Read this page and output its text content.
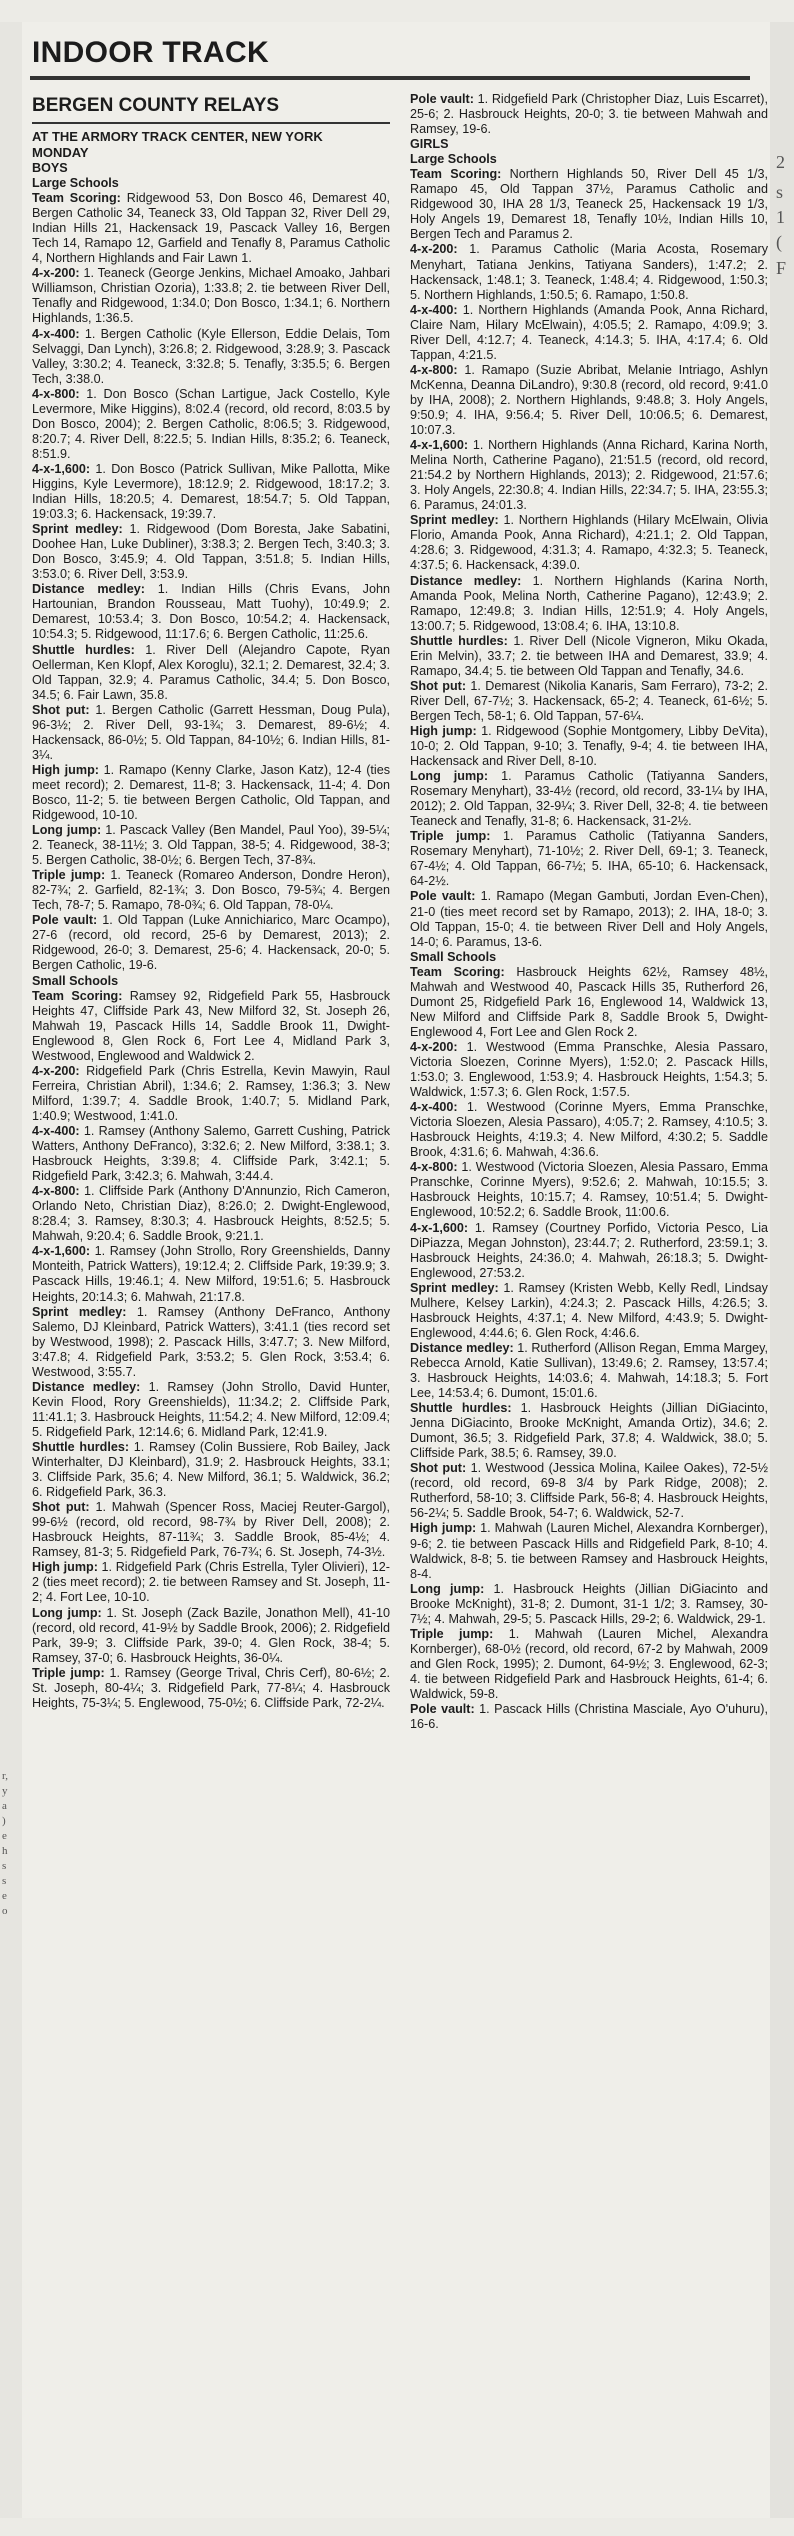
r,
y
a
)
e
h
s
s
e
o
INDOOR TRACK
BERGEN COUNTY RELAYS
AT THE ARMORY TRACK CENTER, NEW YORK
MONDAY

BOYS

Large Schools

Team Scoring: Ridgewood 53, Don Bosco 46, Demarest 40, Bergen Catholic 34, Teaneck 33, Old Tappan 32, River Dell 29, Indian Hills 21, Hackensack 19, Pascack Valley 16, Bergen Tech 14, Ramapo 12, Garfield and Tenafly 8, Paramus Catholic 4, Northern Highlands and Fair Lawn 1.

4-x-200: 1. Teaneck (George Jenkins, Michael Amoako, Jahbari Williamson, Christian Ozoria), 1:33.8; 2. tie between River Dell, Tenafly and Ridgewood, 1:34.0; Don Bosco, 1:34.1; 6. Northern Highlands, 1:36.5.

4-x-400: 1. Bergen Catholic (Kyle Ellerson, Eddie Delais, Tom Selvaggi, Dan Lynch), 3:26.8; 2. Ridgewood, 3:28.9; 3. Pascack Valley, 3:30.2; 4. Teaneck, 3:32.8; 5. Tenafly, 3:35.5; 6. Bergen Tech, 3:38.0.

4-x-800: 1. Don Bosco (Schan Lartigue, Jack Costello, Kyle Levermore, Mike Higgins), 8:02.4 (record, old record, 8:03.5 by Don Bosco, 2004); 2. Bergen Catholic, 8:06.5; 3. Ridgewood, 8:20.7; 4. River Dell, 8:22.5; 5. Indian Hills, 8:35.2; 6. Teaneck, 8:51.9.

4-x-1,600: 1. Don Bosco (Patrick Sullivan, Mike Pallotta, Mike Higgins, Kyle Levermore), 18:12.9; 2. Ridgewood, 18:17.2; 3. Indian Hills, 18:20.5; 4. Demarest, 18:54.7; 5. Old Tappan, 19:03.3; 6. Hackensack, 19:39.7.

Sprint medley: 1. Ridgewood (Dom Boresta, Jake Sabatini, Doohee Han, Luke Dubliner), 3:38.3; 2. Bergen Tech, 3:40.3; 3. Don Bosco, 3:45.9; 4. Old Tappan, 3:51.8; 5. Indian Hills, 3:53.0; 6. River Dell, 3:53.9.

Distance medley: 1. Indian Hills (Chris Evans, John Hartounian, Brandon Rousseau, Matt Tuohy), 10:49.9; 2. Demarest, 10:53.4; 3. Don Bosco, 10:54.2; 4. Hackensack, 10:54.3; 5. Ridgewood, 11:17.6; 6. Bergen Catholic, 11:25.6.

Shuttle hurdles: 1. River Dell (Alejandro Capote, Ryan Oellerman, Ken Klopf, Alex Koroglu), 32.1; 2. Demarest, 32.4; 3. Old Tappan, 32.9; 4. Paramus Catholic, 34.4; 5. Don Bosco, 34.5; 6. Fair Lawn, 35.8.

Shot put: 1. Bergen Catholic (Garrett Hessman, Doug Pula), 96-3½; 2. River Dell, 93-1¾; 3. Demarest, 89-6½; 4. Hackensack, 86-0½; 5. Old Tappan, 84-10½; 6. Indian Hills, 81-3¼.

High jump: 1. Ramapo (Kenny Clarke, Jason Katz), 12-4 (ties meet record); 2. Demarest, 11-8; 3. Hackensack, 11-4; 4. Don Bosco, 11-2; 5. tie between Bergen Catholic, Old Tappan, and Ridgewood, 10-10.

Long jump: 1. Pascack Valley (Ben Mandel, Paul Yoo), 39-5¼; 2. Teaneck, 38-11½; 3. Old Tappan, 38-5; 4. Ridgewood, 38-3; 5. Bergen Catholic, 38-0½; 6. Bergen Tech, 37-8¾.

Triple jump: 1. Teaneck (Romareo Anderson, Dondre Heron), 82-7¾; 2. Garfield, 82-1¾; 3. Don Bosco, 79-5¾; 4. Bergen Tech, 78-7; 5. Ramapo, 78-0¾; 6. Old Tappan, 78-0¼.

Pole vault: 1. Old Tappan (Luke Annichiarico, Marc Ocampo), 27-6 (record, old record, 25-6 by Demarest, 2013); 2. Ridgewood, 26-0; 3. Demarest, 25-6; 4. Hackensack, 20-0; 5. Bergen Catholic, 19-6.

Small Schools

Team Scoring: Ramsey 92, Ridgefield Park 55, Hasbrouck Heights 47, Cliffside Park 43, New Milford 32, St. Joseph 26, Mahwah 19, Pascack Hills 14, Saddle Brook 11, Dwight-Englewood 8, Glen Rock 6, Fort Lee 4, Midland Park 3, Westwood, Englewood and Waldwick 2.

4-x-200: Ridgefield Park (Chris Estrella, Kevin Mawyin, Raul Ferreira, Christian Abril), 1:34.6; 2. Ramsey, 1:36.3; 3. New Milford, 1:39.7; 4. Saddle Brook, 1:40.7; 5. Midland Park, 1:40.9; Westwood, 1:41.0.

4-x-400: 1. Ramsey (Anthony Salemo, Garrett Cushing, Patrick Watters, Anthony DeFranco), 3:32.6; 2. New Milford, 3:38.1; 3. Hasbrouck Heights, 3:39.8; 4. Cliffside Park, 3:42.1; 5. Ridgefield Park, 3:42.3; 6. Mahwah, 3:44.4.

4-x-800: 1. Cliffside Park (Anthony D'Annunzio, Rich Cameron, Orlando Neto, Christian Diaz), 8:26.0; 2. Dwight-Englewood, 8:28.4; 3. Ramsey, 8:30.3; 4. Hasbrouck Heights, 8:52.5; 5. Mahwah, 9:20.4; 6. Saddle Brook, 9:21.1.

4-x-1,600: 1. Ramsey (John Strollo, Rory Greenshields, Danny Monteith, Patrick Watters), 19:12.4; 2. Cliffside Park, 19:39.9; 3. Pascack Hills, 19:46.1; 4. New Milford, 19:51.6; 5. Hasbrouck Heights, 20:14.3; 6. Mahwah, 21:17.8.

Sprint medley: 1. Ramsey (Anthony DeFranco, Anthony Salemo, DJ Kleinbard, Patrick Watters), 3:41.1 (ties record set by Westwood, 1998); 2. Pascack Hills, 3:47.7; 3. New Milford, 3:47.8; 4. Ridgefield Park, 3:53.2; 5. Glen Rock, 3:53.4; 6. Westwood, 3:55.7.

Distance medley: 1. Ramsey (John Strollo, David Hunter, Kevin Flood, Rory Greenshields), 11:34.2; 2. Cliffside Park, 11:41.1; 3. Hasbrouck Heights, 11:54.2; 4. New Milford, 12:09.4; 5. Ridgefield Park, 12:14.6; 6. Midland Park, 12:41.9.

Shuttle hurdles: 1. Ramsey (Colin Bussiere, Rob Bailey, Jack Winterhalter, DJ Kleinbard), 31.9; 2. Hasbrouck Heights, 33.1; 3. Cliffside Park, 35.6; 4. New Milford, 36.1; 5. Waldwick, 36.2; 6. Ridgefield Park, 36.3.

Shot put: 1. Mahwah (Spencer Ross, Maciej Reuter-Gargol), 99-6½ (record, old record, 98-7¾ by River Dell, 2008); 2. Hasbrouck Heights, 87-11¾; 3. Saddle Brook, 85-4½; 4. Ramsey, 81-3; 5. Ridgefield Park, 76-7¾; 6. St. Joseph, 74-3½.

High jump: 1. Ridgefield Park (Chris Estrella, Tyler Olivieri), 12-2 (ties meet record); 2. tie between Ramsey and St. Joseph, 11-2; 4. Fort Lee, 10-10.

Long jump: 1. St. Joseph (Zack Bazile, Jonathon Mell), 41-10 (record, old record, 41-9½ by Saddle Brook, 2006); 2. Ridgefield Park, 39-9; 3. Cliffside Park, 39-0; 4. Glen Rock, 38-4; 5. Ramsey, 37-0; 6. Hasbrouck Heights, 36-0¼.

Triple jump: 1. Ramsey (George Trival, Chris Cerf), 80-6½; 2. St. Joseph, 80-4¼; 3. Ridgefield Park, 77-8¼; 4. Hasbrouck Heights, 75-3¼; 5. Englewood, 75-0½; 6. Cliffside Park, 72-2¼.

Pole vault: 1. Ridgefield Park (Christopher Diaz, Luis Escarret), 25-6; 2. Hasbrouck Heights, 20-0; 3. tie between Mahwah and Ramsey, 19-6.

GIRLS

Large Schools

Team Scoring: Northern Highlands 50, River Dell 45 1/3, Ramapo 45, Old Tappan 37½, Paramus Catholic and Ridgewood 30, IHA 28 1/3, Teaneck 25, Hackensack 19 1/3, Holy Angels 19, Demarest 18, Tenafly 10½, Indian Hills 10, Bergen Tech and Paramus 2.

4-x-200: 1. Paramus Catholic (Maria Acosta, Rosemary Menyhart, Tatiana Jenkins, Tatiyana Sanders), 1:47.2; 2. Hackensack, 1:48.1; 3. Teaneck, 1:48.4; 4. Ridgewood, 1:50.3; 5. Northern Highlands, 1:50.5; 6. Ramapo, 1:50.8.

4-x-400: 1. Northern Highlands (Amanda Pook, Anna Richard, Claire Nam, Hilary McElwain), 4:05.5; 2. Ramapo, 4:09.9; 3. River Dell, 4:12.7; 4. Teaneck, 4:14.3; 5. IHA, 4:17.4; 6. Old Tappan, 4:21.5.

4-x-800: 1. Ramapo (Suzie Abribat, Melanie Intriago, Ashlyn McKenna, Deanna DiLandro), 9:30.8 (record, old record, 9:41.0 by IHA, 2008); 2. Northern Highlands, 9:48.8; 3. Holy Angels, 9:50.9; 4. IHA, 9:56.4; 5. River Dell, 10:06.5; 6. Demarest, 10:07.3.

4-x-1,600: 1. Northern Highlands (Anna Richard, Karina North, Melina North, Catherine Pagano), 21:51.5 (record, old record, 21:54.2 by Northern Highlands, 2013); 2. Ridgewood, 21:57.6; 3. Holy Angels, 22:30.8; 4. Indian Hills, 22:34.7; 5. IHA, 23:55.3; 6. Paramus, 24:01.3.

Sprint medley: 1. Northern Highlands (Hilary McElwain, Olivia Florio, Amanda Pook, Anna Richard), 4:21.1; 2. Old Tappan, 4:28.6; 3. Ridgewood, 4:31.3; 4. Ramapo, 4:32.3; 5. Teaneck, 4:37.5; 6. Hackensack, 4:39.0.

Distance medley: 1. Northern Highlands (Karina North, Amanda Pook, Melina North, Catherine Pagano), 12:43.9; 2. Ramapo, 12:49.8; 3. Indian Hills, 12:51.9; 4. Holy Angels, 13:00.7; 5. Ridgewood, 13:08.4; 6. IHA, 13:10.8.

Shuttle hurdles: 1. River Dell (Nicole Vigneron, Miku Okada, Erin Melvin), 33.7; 2. tie between IHA and Demarest, 33.9; 4. Ramapo, 34.4; 5. tie between Old Tappan and Tenafly, 34.6.

Shot put: 1. Demarest (Nikolia Kanaris, Sam Ferraro), 73-2; 2. River Dell, 67-7½; 3. Hackensack, 65-2; 4. Teaneck, 61-6½; 5. Bergen Tech, 58-1; 6. Old Tappan, 57-6¼.

High jump: 1. Ridgewood (Sophie Montgomery, Libby DeVita), 10-0; 2. Old Tappan, 9-10; 3. Tenafly, 9-4; 4. tie between IHA, Hackensack and River Dell, 8-10.

Long jump: 1. Paramus Catholic (Tatiyanna Sanders, Rosemary Menyhart), 33-4½ (record, old record, 33-1¼ by IHA, 2012); 2. Old Tappan, 32-9¼; 3. River Dell, 32-8; 4. tie between Teaneck and Tenafly, 31-8; 6. Hackensack, 31-2½.

Triple jump: 1. Paramus Catholic (Tatiyanna Sanders, Rosemary Menyhart), 71-10½; 2. River Dell, 69-1; 3. Teaneck, 67-4½; 4. Old Tappan, 66-7½; 5. IHA, 65-10; 6. Hackensack, 64-2½.

Pole vault: 1. Ramapo (Megan Gambuti, Jordan Even-Chen), 21-0 (ties meet record set by Ramapo, 2013); 2. IHA, 18-0; 3. Old Tappan, 15-0; 4. tie between River Dell and Holy Angels, 14-0; 6. Paramus, 13-6.

Small Schools

Team Scoring: Hasbrouck Heights 62½, Ramsey 48½, Mahwah and Westwood 40, Pascack Hills 35, Rutherford 26, Dumont 25, Ridgefield Park 16, Englewood 14, Waldwick 13, New Milford and Cliffside Park 8, Saddle Brook 5, Dwight-Englewood 4, Fort Lee and Glen Rock 2.

4-x-200: 1. Westwood (Emma Pranschke, Alesia Passaro, Victoria Sloezen, Corinne Myers), 1:52.0; 2. Pascack Hills, 1:53.0; 3. Englewood, 1:53.9; 4. Hasbrouck Heights, 1:54.3; 5. Waldwick, 1:57.3; 6. Glen Rock, 1:57.5.

4-x-400: 1. Westwood (Corinne Myers, Emma Pranschke, Victoria Sloezen, Alesia Passaro), 4:05.7; 2. Ramsey, 4:10.5; 3. Hasbrouck Heights, 4:19.3; 4. New Milford, 4:30.2; 5. Saddle Brook, 4:31.6; 6. Mahwah, 4:36.6.

4-x-800: 1. Westwood (Victoria Sloezen, Alesia Passaro, Emma Pranschke, Corinne Myers), 9:52.6; 2. Mahwah, 10:15.5; 3. Hasbrouck Heights, 10:15.7; 4. Ramsey, 10:51.4; 5. Dwight-Englewood, 10:52.2; 6. Saddle Brook, 11:00.6.

4-x-1,600: 1. Ramsey (Courtney Porfido, Victoria Pesco, Lia DiPiazza, Megan Johnston), 23:44.7; 2. Rutherford, 23:59.1; 3. Hasbrouck Heights, 24:36.0; 4. Mahwah, 26:18.3; 5. Dwight-Englewood, 27:53.2.

Sprint medley: 1. Ramsey (Kristen Webb, Kelly Redl, Lindsay Mulhere, Kelsey Larkin), 4:24.3; 2. Pascack Hills, 4:26.5; 3. Hasbrouck Heights, 4:37.1; 4. New Milford, 4:43.9; 5. Dwight-Englewood, 4:44.6; 6. Glen Rock, 4:46.6.

Distance medley: 1. Rutherford (Allison Regan, Emma Margey, Rebecca Arnold, Katie Sullivan), 13:49.6; 2. Ramsey, 13:57.4; 3. Hasbrouck Heights, 14:03.6; 4. Mahwah, 14:18.3; 5. Fort Lee, 14:53.4; 6. Dumont, 15:01.6.

Shuttle hurdles: 1. Hasbrouck Heights (Jillian DiGiacinto, Jenna DiGiacinto, Brooke McKnight, Amanda Ortiz), 34.6; 2. Dumont, 36.5; 3. Ridgefield Park, 37.8; 4. Waldwick, 38.0; 5. Cliffside Park, 38.5; 6. Ramsey, 39.0.

Shot put: 1. Westwood (Jessica Molina, Kailee Oakes), 72-5½ (record, old record, 69-8 3/4 by Park Ridge, 2008); 2. Rutherford, 58-10; 3. Cliffside Park, 56-8; 4. Hasbrouck Heights, 56-2¼; 5. Saddle Brook, 54-7; 6. Waldwick, 52-7.

High jump: 1. Mahwah (Lauren Michel, Alexandra Kornberger), 9-6; 2. tie between Pascack Hills and Ridgefield Park, 8-10; 4. Waldwick, 8-8; 5. tie between Ramsey and Hasbrouck Heights, 8-4.

Long jump: 1. Hasbrouck Heights (Jillian DiGiacinto and Brooke McKnight), 31-8; 2. Dumont, 31-1 1/2; 3. Ramsey, 30-7½; 4. Mahwah, 29-5; 5. Pascack Hills, 29-2; 6. Waldwick, 29-1.

Triple jump: 1. Mahwah (Lauren Michel, Alexandra Kornberger), 68-0½ (record, old record, 67-2 by Mahwah, 2009 and Glen Rock, 1995); 2. Dumont, 64-9½; 3. Englewood, 62-3; 4. tie between Ridgefield Park and Hasbrouck Heights, 61-4; 6. Waldwick, 59-8.

Pole vault: 1. Pascack Hills (Christina Masciale, Ayo O'uhuru), 16-6.

2
s
1
(
F
